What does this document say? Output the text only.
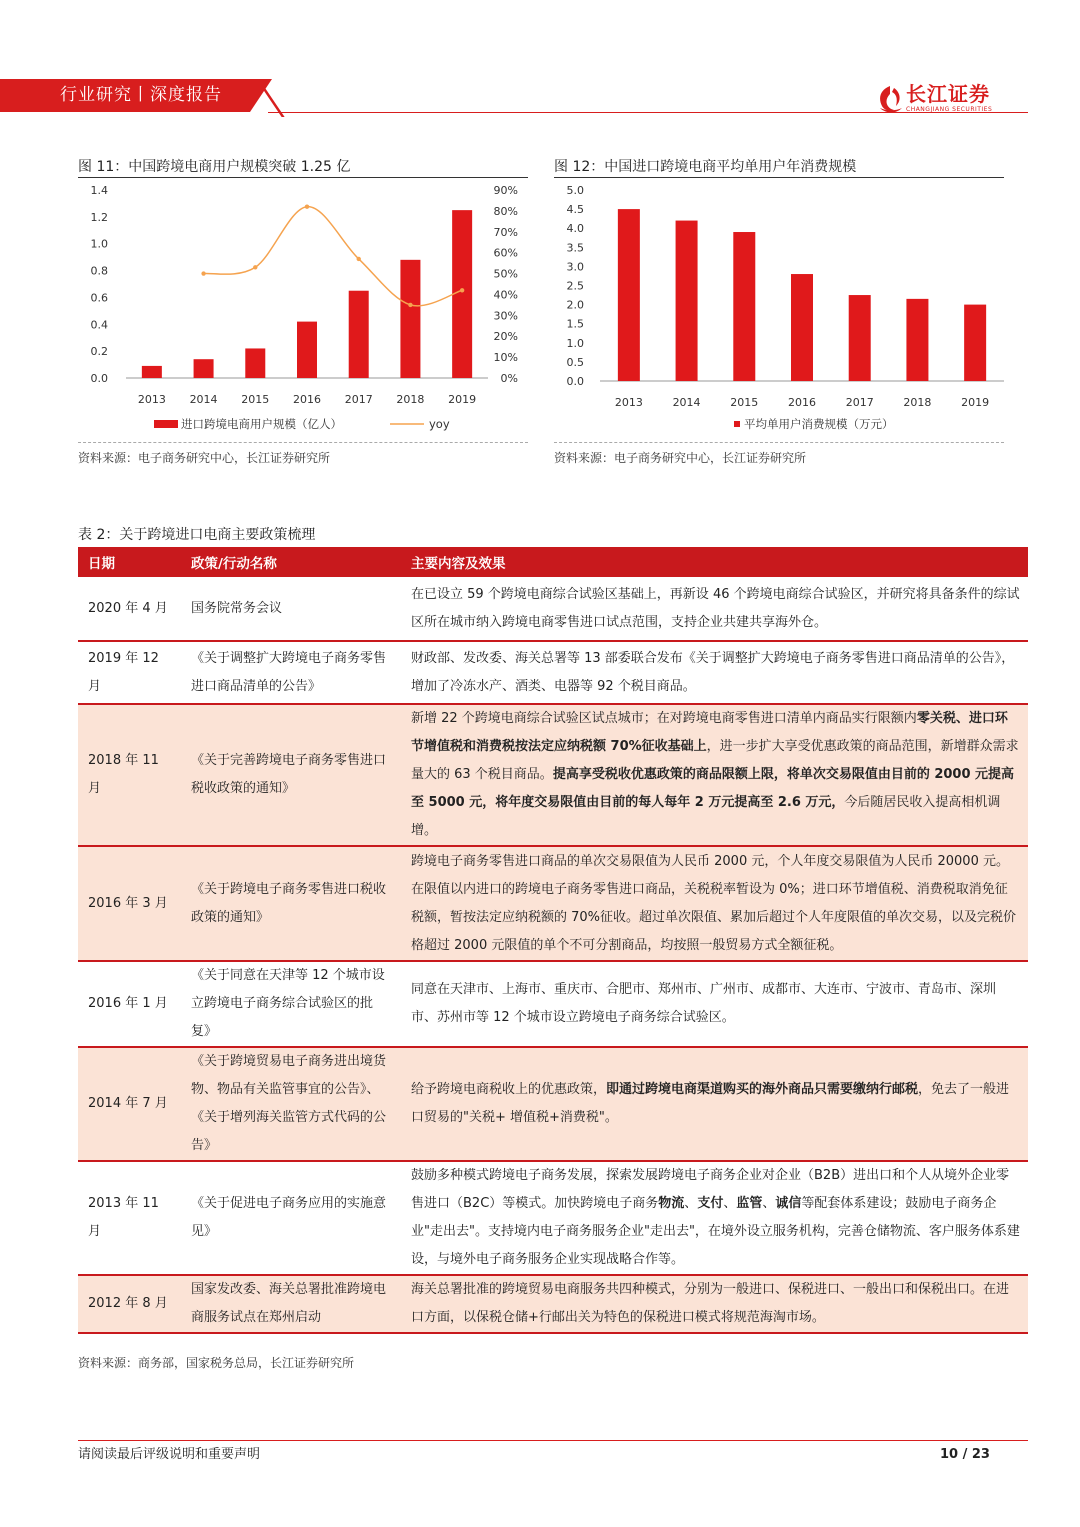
行业研究丨深度报告	长江证券
CHANGJIANG SECURITIES
图 11：中国跨境电商用户规模突破 1.25 亿
0.0
0.2
0.4
0.6
0.8
1.0
1.2
1.4
0%
10%
20%
30%
40%
50%
60%
70%
80%
90%
2013 2014 2015 2016 2017 2018 2019
进口跨境电商用户规模（亿人）	yoy
资料来源：电子商务研究中心，长江证券研究所
图 12：中国进口跨境电商平均单用户年消费规模
0.0
0.5
1.0
1.5
2.0
2.5
3.0
3.5
4.0
4.5
5.0
2013	2014	2015	2016	2017	2018	2019
平均单用户消费规模（万元）
资料来源：电子商务研究中心，长江证券研究所
表 2：关于跨境进口电商主要政策梳理
日期	政策/行动名称	主要内容及效果
2020 年 4 月	国务院常务会议	在已设立 59 个跨境电商综合试验区基础上，再新设 46 个跨境电商综合试验区，并研究将具备条件的综试区所在城市纳入跨境电商零售进口试点范围，支持企业共建共享海外仓。
2019 年 12 月	《关于调整扩大跨境电子商务零售进口商品清单的公告》	财政部、发改委、海关总署等 13 部委联合发布《关于调整扩大跨境电子商务零售进口商品清单的公告》，增加了冷冻水产、酒类、电器等 92 个税目商品。
2018 年 11 月	《关于完善跨境电子商务零售进口税收政策的通知》	新增 22 个跨境电商综合试验区试点城市；在对跨境电商零售进口清单内商品实行限额内零关税、进口环节增值税和消费税按法定应纳税额 70%征收基础上，进一步扩大享受优惠政策的商品范围，新增群众需求量大的 63 个税目商品。提高享受税收优惠政策的商品限额上限，将单次交易限值由目前的 2000 元提高至 5000 元，将年度交易限值由目前的每人每年 2 万元提高至 2.6 万元，今后随居民收入提高相机调增。
2016 年 3 月	《关于跨境电子商务零售进口税收政策的通知》	跨境电子商务零售进口商品的单次交易限值为人民币 2000 元，个人年度交易限值为人民币 20000 元。在限值以内进口的跨境电子商务零售进口商品，关税税率暂设为 0%；进口环节增值税、消费税取消免征税额，暂按法定应纳税额的 70%征收。超过单次限值、累加后超过个人年度限值的单次交易，以及完税价格超过 2000 元限值的单个不可分割商品，均按照一般贸易方式全额征税。
2016 年 1 月	《关于同意在天津等 12 个城市设立跨境电子商务综合试验区的批复》	同意在天津市、上海市、重庆市、合肥市、郑州市、广州市、成都市、大连市、宁波市、青岛市、深圳市、苏州市等 12 个城市设立跨境电子商务综合试验区。
2014 年 7 月	《关于跨境贸易电子商务进出境货物、物品有关监管事宜的公告》、《关于增列海关监管方式代码的公告》	给予跨境电商税收上的优惠政策，即通过跨境电商渠道购买的海外商品只需要缴纳行邮税，免去了一般进口贸易的"关税+ 增值税+消费税"。
2013 年 11 月	《关于促进电子商务应用的实施意见》	鼓励多种模式跨境电子商务发展，探索发展跨境电子商务企业对企业（B2B）进出口和个人从境外企业零售进口（B2C）等模式。加快跨境电子商务物流、支付、监管、诚信等配套体系建设；鼓励电子商务企业"走出去"。支持境内电子商务服务企业"走出去"，在境外设立服务机构，完善仓储物流、客户服务体系建设，与境外电子商务服务企业实现战略合作等。
2012 年 8 月	国家发改委、海关总署批准跨境电商服务试点在郑州启动	海关总署批准的跨境贸易电商服务共四种模式，分别为一般进口、保税进口、一般出口和保税出口。在进口方面，以保税仓储+行邮出关为特色的保税进口模式将规范海淘市场。
资料来源：商务部，国家税务总局，长江证券研究所
请阅读最后评级说明和重要声明	10 / 23
